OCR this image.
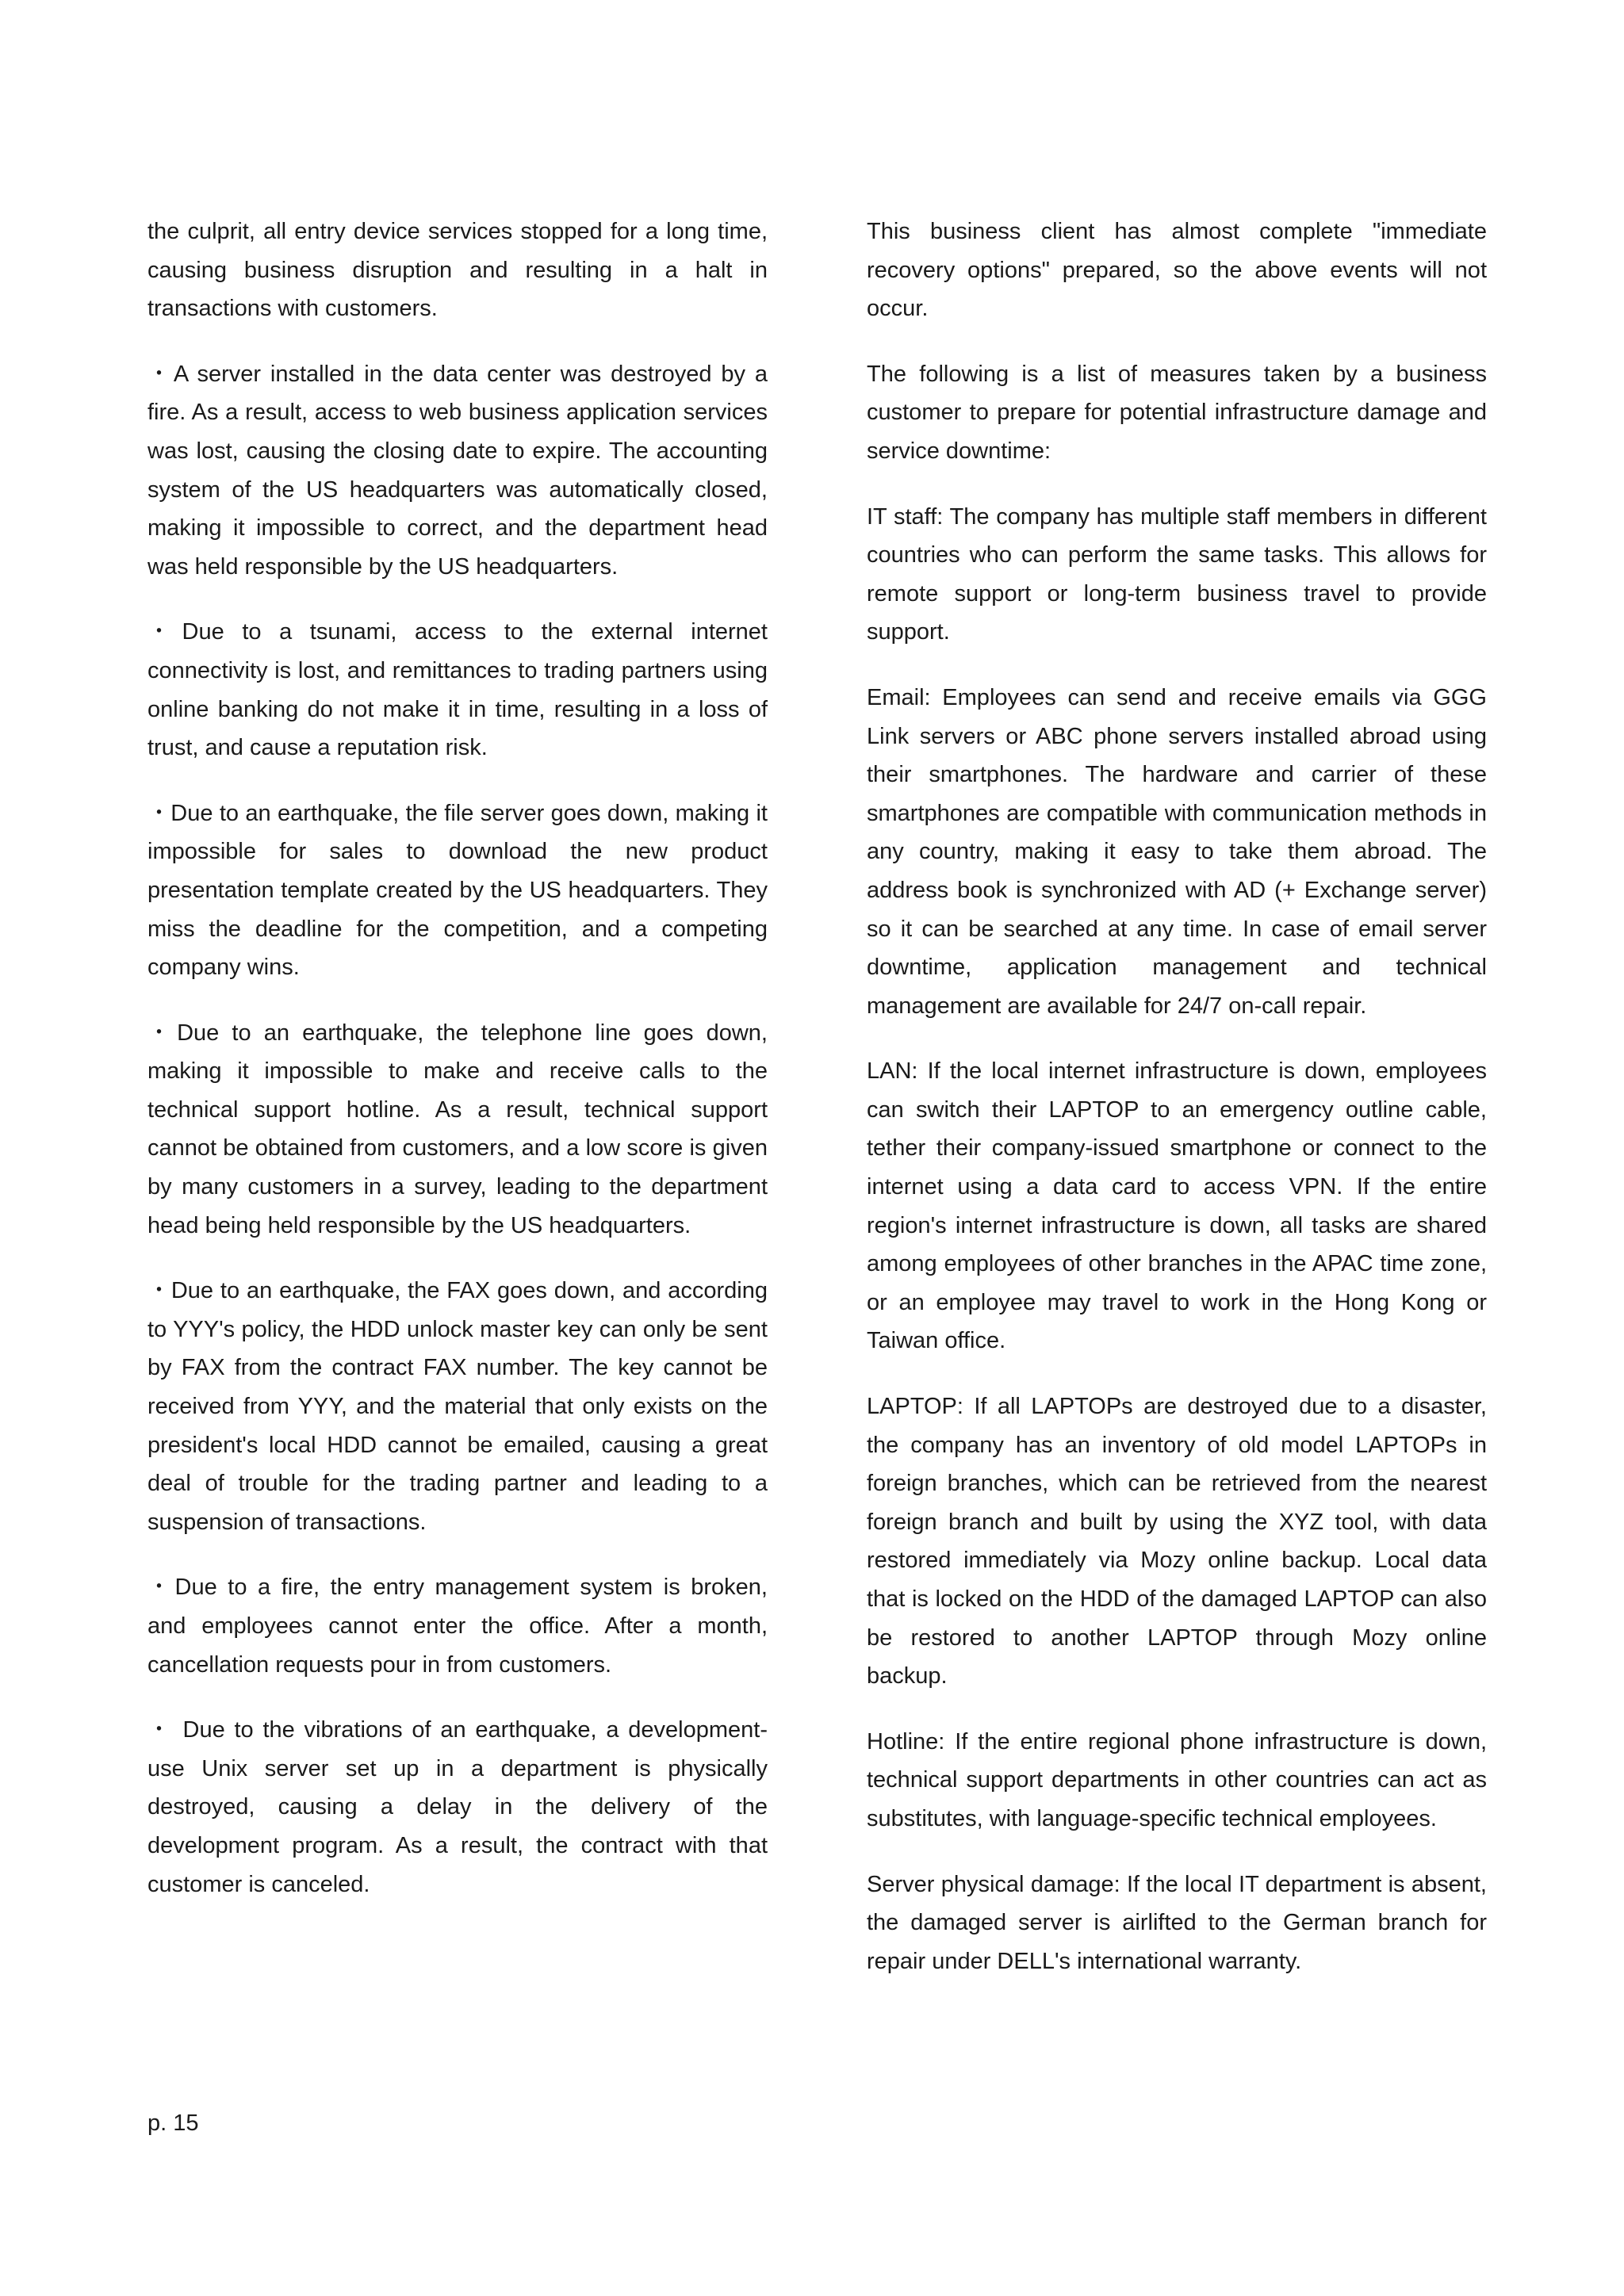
the culprit, all entry device services stopped for a long time, causing business disruption and resulting in a halt in transactions with customers.

・A server installed in the data center was destroyed by a fire. As a result, access to web business application services was lost, causing the closing date to expire. The accounting system of the US headquarters was automatically closed, making it impossible to correct, and the department head was held responsible by the US headquarters.

・Due to a tsunami, access to the external internet connectivity is lost, and remittances to trading partners using online banking do not make it in time, resulting in a loss of trust, and cause a reputation risk.

・Due to an earthquake, the file server goes down, making it impossible for sales to download the new product presentation template created by the US headquarters. They miss the deadline for the competition, and a competing company wins.

・Due to an earthquake, the telephone line goes down, making it impossible to make and receive calls to the technical support hotline. As a result, technical support cannot be obtained from customers, and a low score is given by many customers in a survey, leading to the department head being held responsible by the US headquarters.

・Due to an earthquake, the FAX goes down, and according to YYY's policy, the HDD unlock master key can only be sent by FAX from the contract FAX number. The key cannot be received from YYY, and the material that only exists on the president's local HDD cannot be emailed, causing a great deal of trouble for the trading partner and leading to a suspension of transactions.

・Due to a fire, the entry management system is broken, and employees cannot enter the office. After a month, cancellation requests pour in from customers.

・ Due to the vibrations of an earthquake, a development-use Unix server set up in a department is physically destroyed, causing a delay in the delivery of the development program. As a result, the contract with that customer is canceled.

This business client has almost complete "immediate recovery options" prepared, so the above events will not occur.

The following is a list of measures taken by a business customer to prepare for potential infrastructure damage and service downtime:

IT staff: The company has multiple staff members in different countries who can perform the same tasks. This allows for remote support or long-term business travel to provide support.

Email: Employees can send and receive emails via GGG Link servers or ABC phone servers installed abroad using their smartphones. The hardware and carrier of these smartphones are compatible with communication methods in any country, making it easy to take them abroad. The address book is synchronized with AD (+ Exchange server) so it can be searched at any time. In case of email server downtime, application management and technical management are available for 24/7 on-call repair.

LAN: If the local internet infrastructure is down, employees can switch their LAPTOP to an emergency outline cable, tether their company-issued smartphone or connect to the internet using a data card to access VPN. If the entire region's internet infrastructure is down, all tasks are shared among employees of other branches in the APAC time zone, or an employee may travel to work in the Hong Kong or Taiwan office.

LAPTOP: If all LAPTOPs are destroyed due to a disaster, the company has an inventory of old model LAPTOPs in foreign branches, which can be retrieved from the nearest foreign branch and built by using the XYZ tool, with data restored immediately via Mozy online backup. Local data that is locked on the HDD of the damaged LAPTOP can also be restored to another LAPTOP through Mozy online backup.

Hotline: If the entire regional phone infrastructure is down, technical support departments in other countries can act as substitutes, with language-specific technical employees.

Server physical damage: If the local IT department is absent, the damaged server is airlifted to the German branch for repair under DELL's international warranty.

p. 15
